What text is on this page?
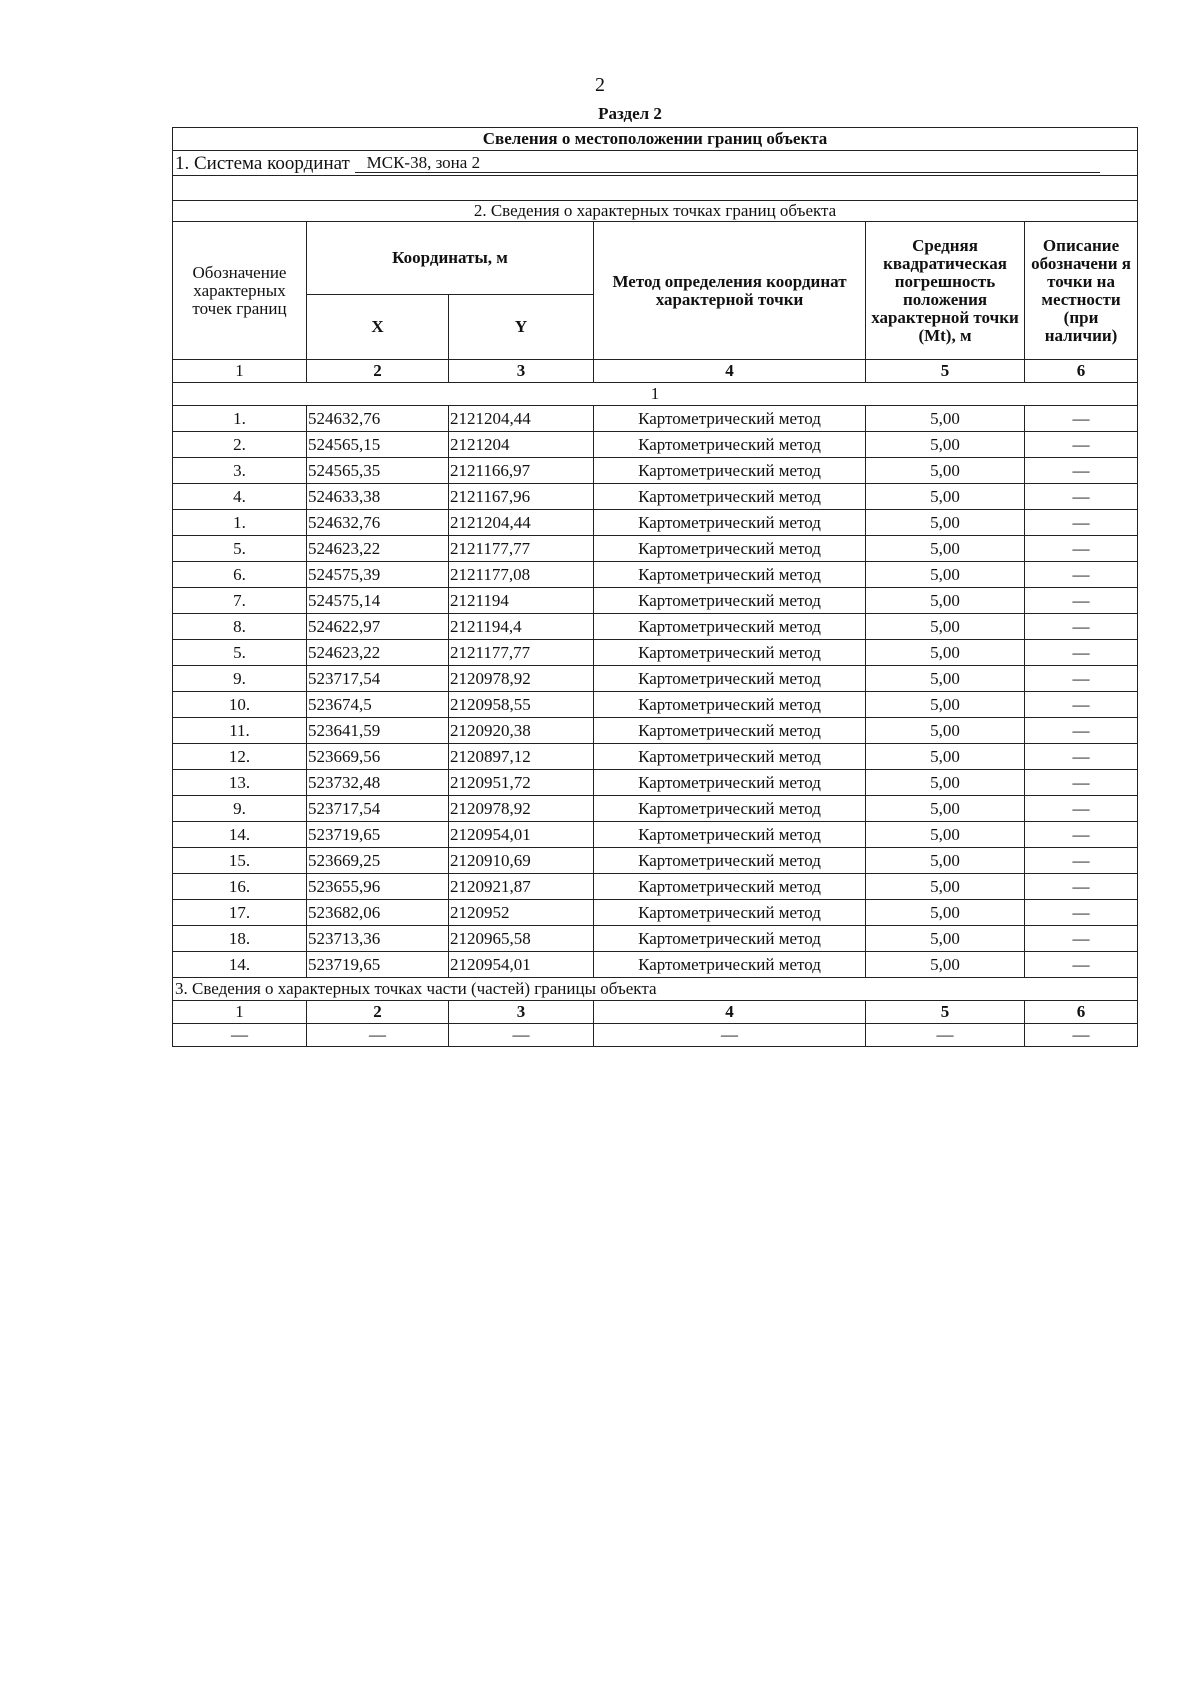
2
Раздел 2
Свеления о местоположении границ объекта					
1. Система координат МСК-38, зона 2					

2. Сведения о характерных точках границ объекта					
Обозначение характерных точек границ	Координаты, м		Метод определения координат характерной точки	Средняя квадратическая погрешность положения характерной точки (Mt), м	Описание обозначени я точки на местности (при наличии)
	X	Y			
1	2	3	4	5	6
1					
1.	524632,76	2121204,44	Картометрический метод	5,00	—
2.	524565,15	2121204	Картометрический метод	5,00	—
3.	524565,35	2121166,97	Картометрический метод	5,00	—
4.	524633,38	2121167,96	Картометрический метод	5,00	—
1.	524632,76	2121204,44	Картометрический метод	5,00	—
5.	524623,22	2121177,77	Картометрический метод	5,00	—
6.	524575,39	2121177,08	Картометрический метод	5,00	—
7.	524575,14	2121194	Картометрический метод	5,00	—
8.	524622,97	2121194,4	Картометрический метод	5,00	—
5.	524623,22	2121177,77	Картометрический метод	5,00	—
9.	523717,54	2120978,92	Картометрический метод	5,00	—
10.	523674,5	2120958,55	Картометрический метод	5,00	—
11.	523641,59	2120920,38	Картометрический метод	5,00	—
12.	523669,56	2120897,12	Картометрический метод	5,00	—
13.	523732,48	2120951,72	Картометрический метод	5,00	—
9.	523717,54	2120978,92	Картометрический метод	5,00	—
14.	523719,65	2120954,01	Картометрический метод	5,00	—
15.	523669,25	2120910,69	Картометрический метод	5,00	—
16.	523655,96	2120921,87	Картометрический метод	5,00	—
17.	523682,06	2120952	Картометрический метод	5,00	—
18.	523713,36	2120965,58	Картометрический метод	5,00	—
14.	523719,65	2120954,01	Картометрический метод	5,00	—
3. Сведения о характерных точках части (частей) границы объекта					
1	2	3	4	5	6
—	—	—	—	—	—
